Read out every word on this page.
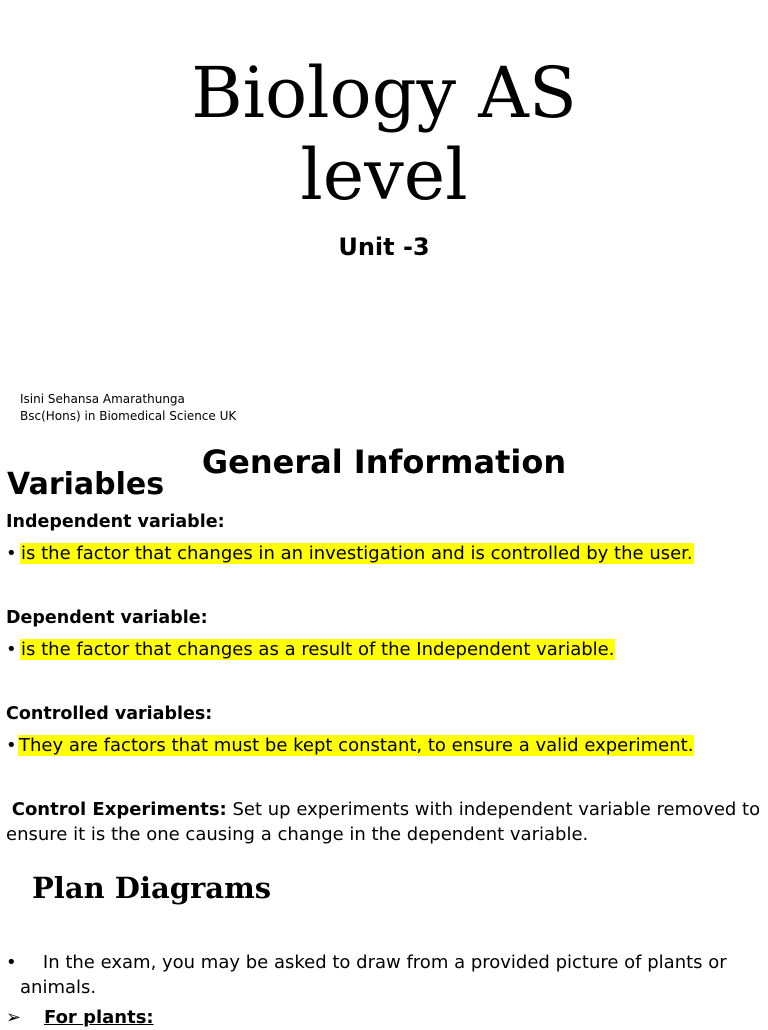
Biology AS
level
Unit -3
Isini Sehansa Amarathunga
Bsc(Hons) in Biomedical Science UK
General Information
Variables
Independent variable:
• is the factor that changes in an investigation and is controlled by the user.
Dependent variable:
• is the factor that changes as a result of the Independent variable.
Controlled variables:
• They are factors that must be kept constant, to ensure a valid experiment.

Control Experiments: Set up experiments with independent variable removed to ensure it is the one causing a change in the dependent variable.

Plan Diagrams
•	In the exam, you may be asked to draw from a provided picture of plants or animals.
➢ For plants:
